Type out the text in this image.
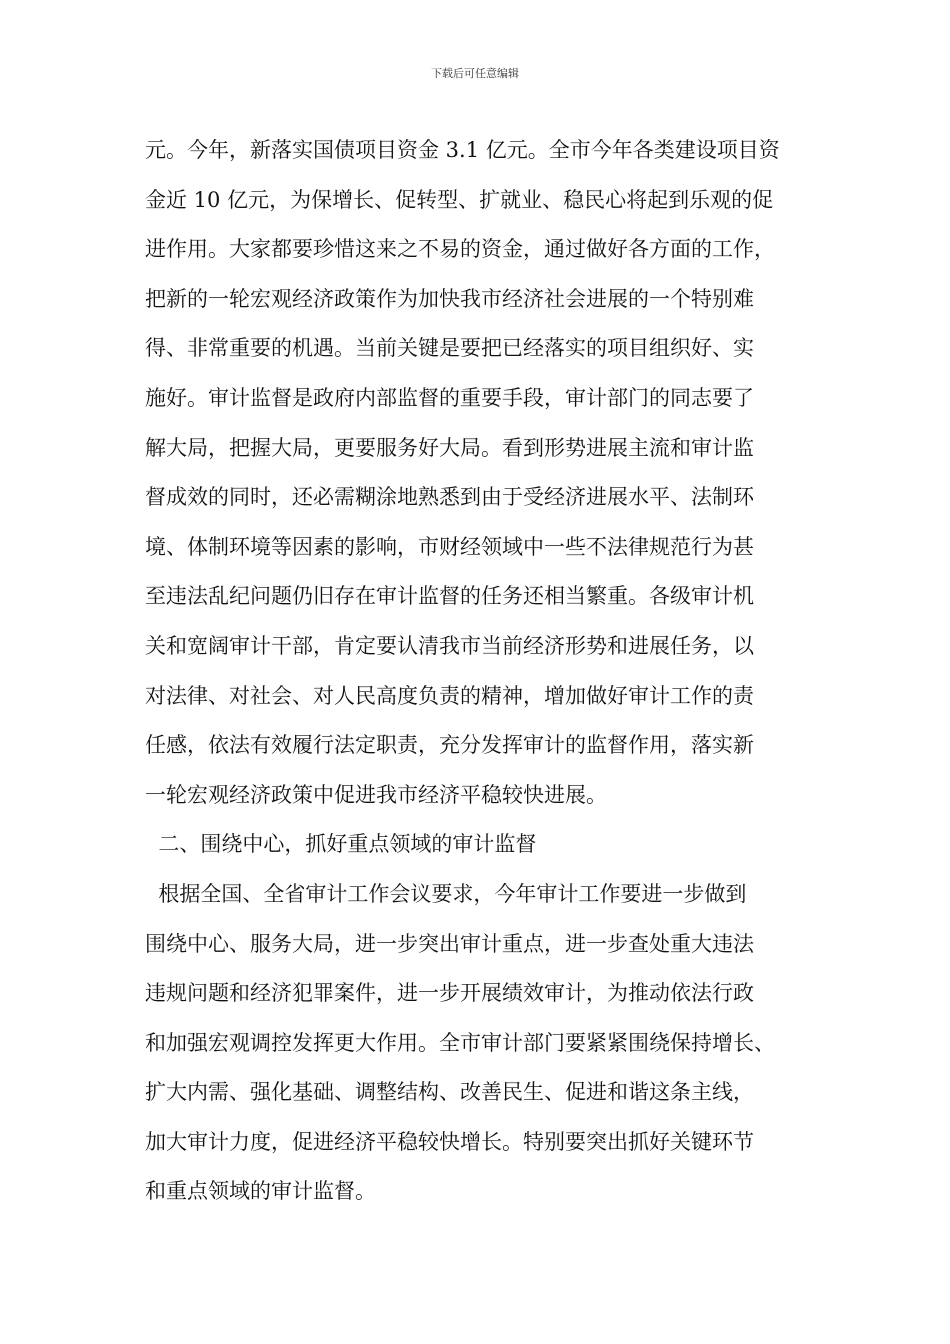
下载后可任意编辑
元。今年，新落实国债项目资金 3.1 亿元。全市今年各类建设项目资
金近 10 亿元，为保增长、促转型、扩就业、稳民心将起到乐观的促
进作用。大家都要珍惜这来之不易的资金，通过做好各方面的工作，
把新的一轮宏观经济政策作为加快我市经济社会进展的一个特别难
得、非常重要的机遇。当前关键是要把已经落实的项目组织好、实
施好。审计监督是政府内部监督的重要手段，审计部门的同志要了
解大局，把握大局，更要服务好大局。看到形势进展主流和审计监
督成效的同时，还必需糊涂地熟悉到由于受经济进展水平、法制环
境、体制环境等因素的影响，市财经领域中一些不法律规范行为甚
至违法乱纪问题仍旧存在审计监督的任务还相当繁重。各级审计机
关和宽阔审计干部，肯定要认清我市当前经济形势和进展任务，以
对法律、对社会、对人民高度负责的精神，增加做好审计工作的责
任感，依法有效履行法定职责，充分发挥审计的监督作用，落实新
一轮宏观经济政策中促进我市经济平稳较快进展。
二、围绕中心，抓好重点领域的审计监督
根据全国、全省审计工作会议要求，今年审计工作要进一步做到
围绕中心、服务大局，进一步突出审计重点，进一步查处重大违法
违规问题和经济犯罪案件，进一步开展绩效审计，为推动依法行政
和加强宏观调控发挥更大作用。全市审计部门要紧紧围绕保持增长、
扩大内需、强化基础、调整结构、改善民生、促进和谐这条主线，
加大审计力度，促进经济平稳较快增长。特别要突出抓好关键环节
和重点领域的审计监督。
